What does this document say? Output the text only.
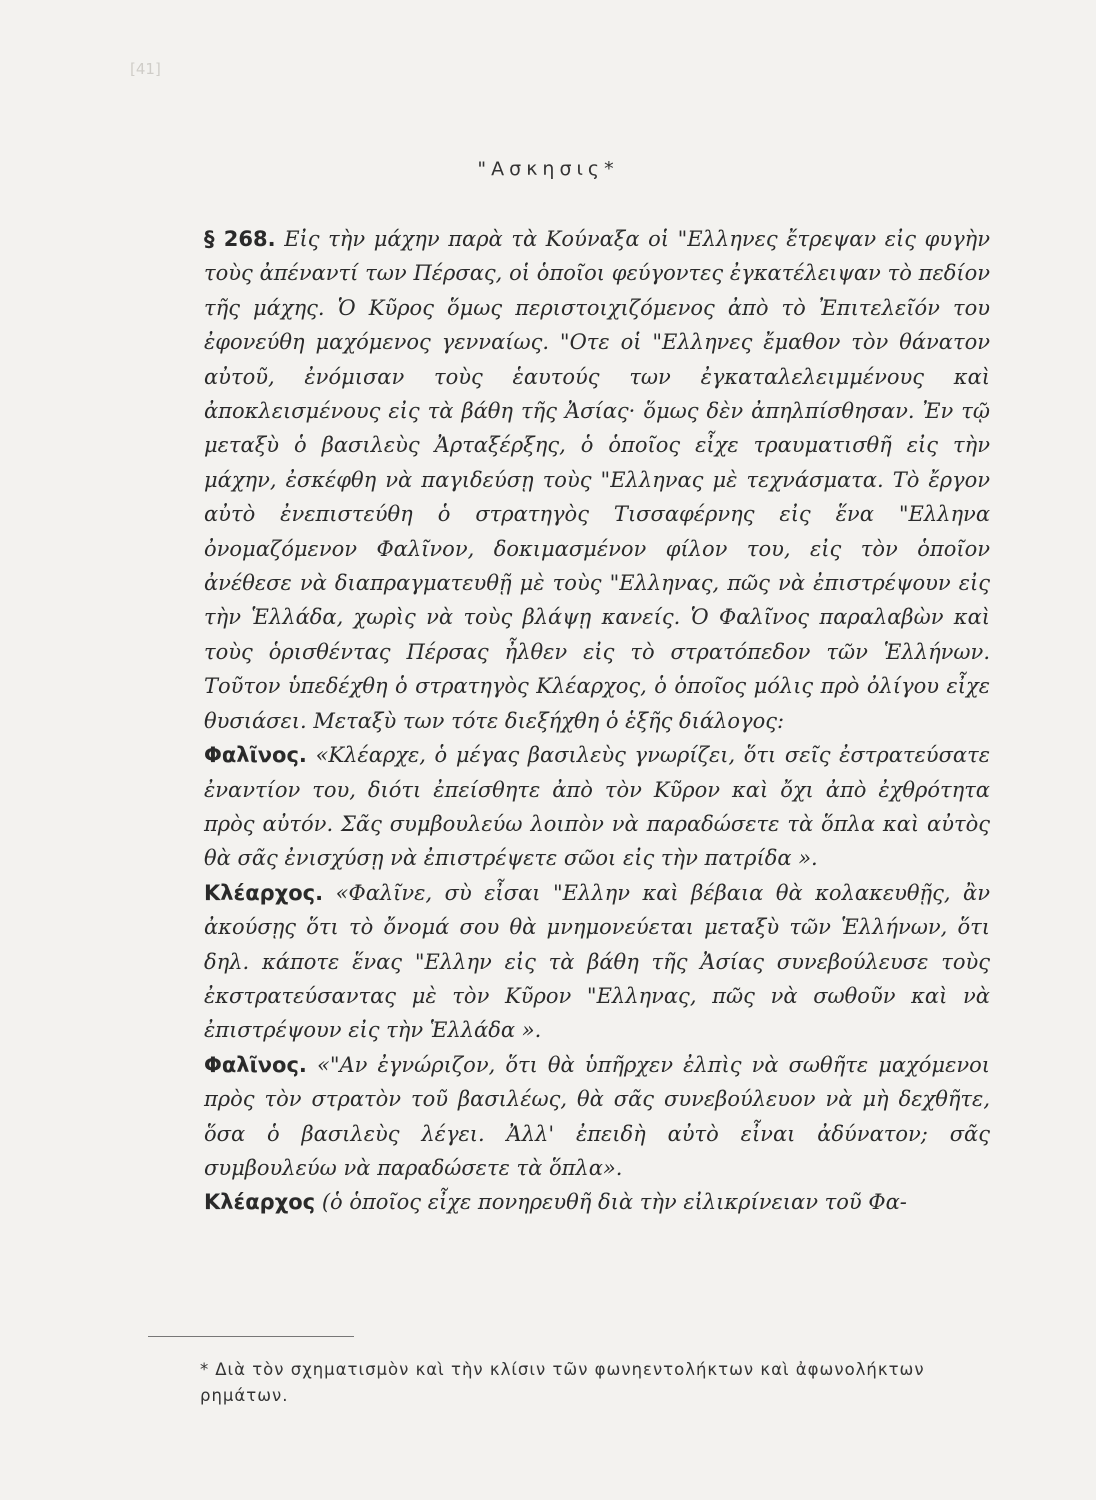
[41]
"Ασκησις*

§ 268. Εἰς τὴν μάχην παρὰ τὰ Κούναξα οἱ "Ελληνες ἔτρεψαν εἰς φυγὴν τοὺς ἀπέναντί των Πέρσας, οἱ ὁποῖοι φεύγοντες ἐγκατέλειψαν τὸ πεδίον τῆς μάχης. Ὁ Κῦρος ὅμως περιστοιχιζόμενος ἀπὸ τὸ Ἐπιτελεῖόν του ἐφονεύθη μαχόμενος γενναίως. "Οτε οἱ "Ελληνες ἔμαθον τὸν θάνατον αὐτοῦ, ἐνόμισαν τοὺς ἑαυτούς των ἐγκαταλελειμμένους καὶ ἀποκλεισμένους εἰς τὰ βάθη τῆς Ἀσίας· ὅμως δὲν ἀπηλπίσθησαν. Ἐν τῷ μεταξὺ ὁ βασιλεὺς Ἀρταξέρξης, ὁ ὁποῖος εἶχε τραυματισθῆ εἰς τὴν μάχην, ἐσκέφθη νὰ παγιδεύσῃ τοὺς "Ελληνας μὲ τεχνάσματα. Τὸ ἔργον αὐτὸ ἐνεπιστεύθη ὁ στρατηγὸς Τισσαφέρνης εἰς ἕνα "Ελληνα ὀνομαζόμενον Φαλῖνον, δοκιμασμένον φίλον του, εἰς τὸν ὁποῖον ἀνέθεσε νὰ διαπραγματευθῇ μὲ τοὺς "Ελληνας, πῶς νὰ ἐπιστρέψουν εἰς τὴν Ἑλλάδα, χωρὶς νὰ τοὺς βλάψῃ κανείς. Ὁ Φαλῖνος παραλαβὼν καὶ τοὺς ὁρισθέντας Πέρσας ἦλθεν εἰς τὸ στρατόπεδον τῶν Ἑλλήνων. Τοῦτον ὑπεδέχθη ὁ στρατηγὸς Κλέαρχος, ὁ ὁποῖος μόλις πρὸ ὀλίγου εἶχε θυσιάσει. Μεταξὺ των τότε διεξήχθη ὁ ἑξῆς διάλογος:

Φαλῖνος. «Κλέαρχε, ὁ μέγας βασιλεὺς γνωρίζει, ὅτι σεῖς ἐστρατεύσατε ἐναντίον του, διότι ἐπείσθητε ἀπὸ τὸν Κῦρον καὶ ὄχι ἀπὸ ἐχθρότητα πρὸς αὐτόν. Σᾶς συμβουλεύω λοιπὸν νὰ παραδώσετε τὰ ὅπλα καὶ αὐτὸς θὰ σᾶς ἐνισχύσῃ νὰ ἐπιστρέψετε σῶοι εἰς τὴν πατρίδα ».

Κλέαρχος. «Φαλῖνε, σὺ εἶσαι "Ελλην καὶ βέβαια θὰ κολακευθῇς, ἂν ἀκούσῃς ὅτι τὸ ὄνομά σου θὰ μνημονεύεται μεταξὺ τῶν Ἑλλήνων, ὅτι δηλ. κάποτε ἕνας "Ελλην εἰς τὰ βάθη τῆς Ἀσίας συνεβούλευσε τοὺς ἐκστρατεύσαντας μὲ τὸν Κῦρον "Ελληνας, πῶς νὰ σωθοῦν καὶ νὰ ἐπιστρέψουν εἰς τὴν Ἑλλάδα ».

Φαλῖνος. «"Αν ἐγνώριζον, ὅτι θὰ ὑπῆρχεν ἐλπὶς νὰ σωθῆτε μαχόμενοι πρὸς τὸν στρατὸν τοῦ βασιλέως, θὰ σᾶς συνεβούλευον νὰ μὴ δεχθῆτε, ὅσα ὁ βασιλεὺς λέγει. Ἀλλ' ἐπειδὴ αὐτὸ εἶναι ἀδύνατον; σᾶς συμβουλεύω νὰ παραδώσετε τὰ ὅπλα».

Κλέαρχος (ὁ ὁποῖος εἶχε πονηρευθῆ διὰ τὴν εἰλικρίνειαν τοῦ Φα-

* Διὰ τὸν σχηματισμὸν καὶ τὴν κλίσιν τῶν φωνηεντολήκτων καὶ ἀφωνολήκτων ρημάτων.
